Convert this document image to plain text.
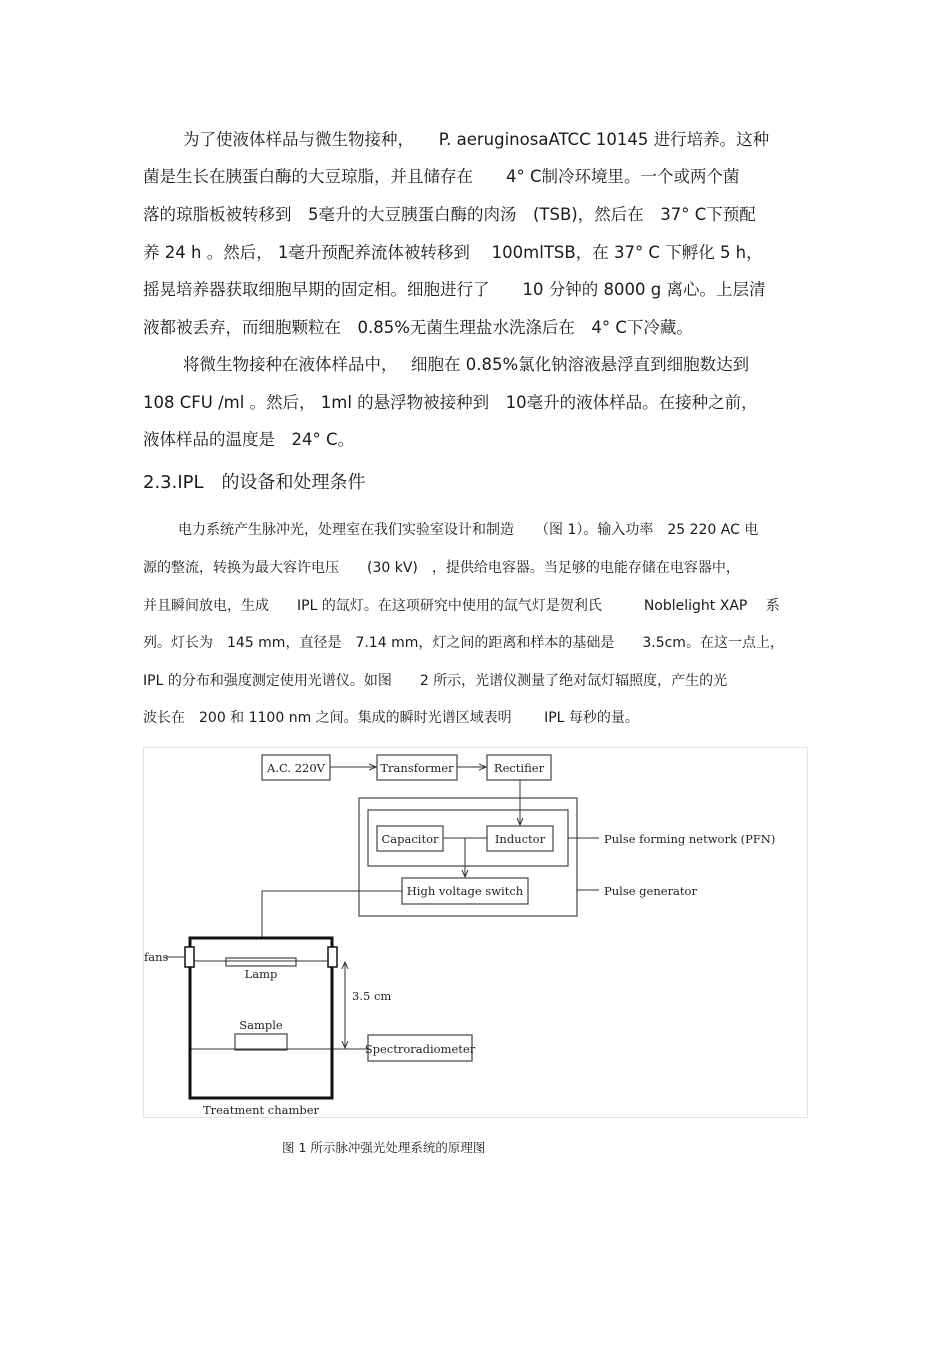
为了使液体样品与微生物接种，　　P. aeruginosaATCC 10145 进行培养。这种
菌是生长在胰蛋白酶的大豆琼脂，并且储存在　　4° C制冷环境里。一个或两个菌
落的琼脂板被转移到　5毫升的大豆胰蛋白酶的肉汤　(TSB)，然后在　37° C下预配
养 24 h 。然后， 1毫升预配养流体被转移到　 100mlTSB，在 37° C 下孵化 5 h，
摇晃培养器获取细胞早期的固定相。细胞进行了　　10 分钟的 8000 g 离心。上层清
液都被丢弃，而细胞颗粒在　0.85%无菌生理盐水洗涤后在　4° C下冷藏。
将微生物接种在液体样品中，　 细胞在 0.85%氯化钠溶液悬浮直到细胞数达到
108 CFU /ml 。然后， 1ml 的悬浮物被接种到　10毫升的液体样品。在接种之前，
液体样品的温度是　24° C。
2.3.IPL　的设备和处理条件
电力系统产生脉冲光，处理室在我们实验室设计和制造　　（图 1）。输入功率　25 220 AC 电
源的整流，转换为最大容许电压　　(30 kV)　，提供给电容器。当足够的电能存储在电容器中，
并且瞬间放电，生成　　IPL 的氙灯。在这项研究中使用的氙气灯是贺利氏　　　Noblelight XAP　 系
列。灯长为　145 mm，直径是　7.14 mm，灯之间的距离和样本的基础是　　3.5cm。在这一点上，
IPL 的分布和强度测定使用光谱仪。如图　　2 所示，光谱仪测量了绝对氙灯辐照度，产生的光
波长在　200 和 1100 nm 之间。集成的瞬时光谱区域表明　　 IPL 每秒的量。
A.C. 220V	Transformer	Rectifier
Capacitor	Inductor	Pulse forming network (PFN)
High voltage switch	Pulse generator
fans
Lamp
3.5 cm
Sample
Spectroradiometer
Treatment chamber
图 1 所示脉冲强光处理系统的原理图
